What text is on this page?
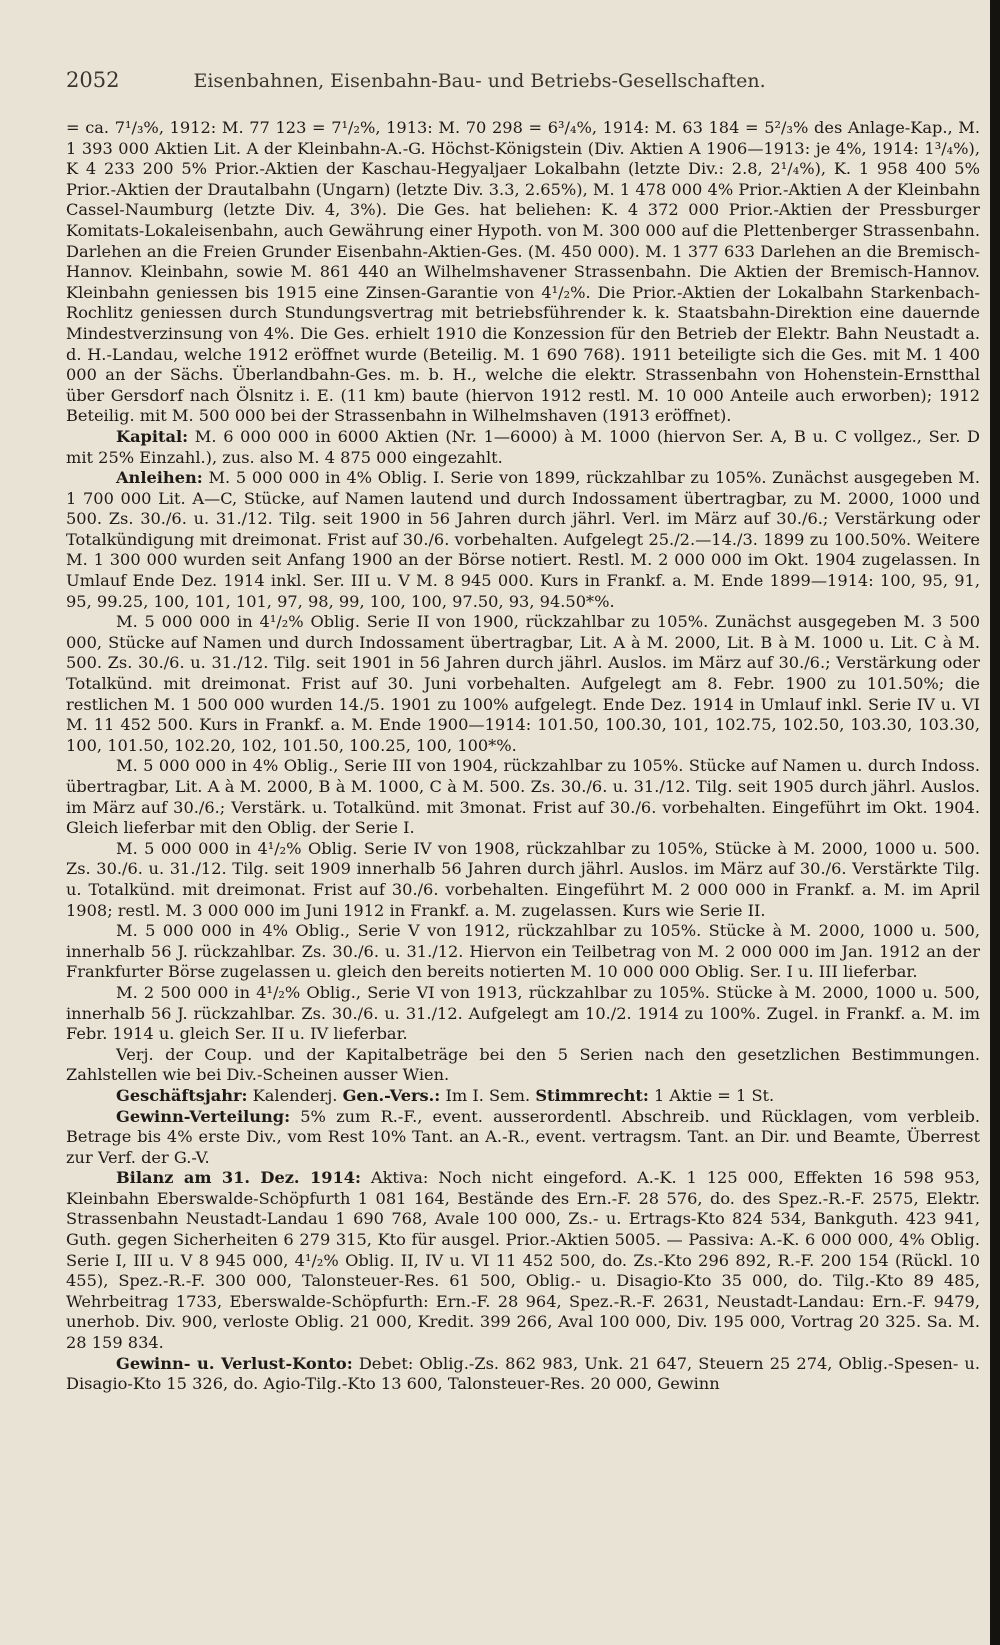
2052	Eisenbahnen, Eisenbahn-Bau- und Betriebs-Gesellschaften.

= ca. 7¹/₃%, 1912: M. 77 123 = 7¹/₂%, 1913: M. 70 298 = 6³/₄%, 1914: M. 63 184 = 5²/₃% des Anlage-Kap., M. 1 393 000 Aktien Lit. A der Kleinbahn-A.-G. Höchst-Königstein (Div. Aktien A 1906—1913: je 4%, 1914: 1³/₄%), K 4 233 200 5% Prior.-Aktien der Kaschau-Hegyaljaer Lokalbahn (letzte Div.: 2.8, 2¹/₄%), K. 1 958 400 5% Prior.-Aktien der Drautalbahn (Ungarn) (letzte Div. 3.3, 2.65%), M. 1 478 000 4% Prior.-Aktien A der Kleinbahn Cassel-Naumburg (letzte Div. 4, 3%). Die Ges. hat beliehen: K. 4 372 000 Prior.-Aktien der Pressburger Komitats-Lokaleisenbahn, auch Gewährung einer Hypoth. von M. 300 000 auf die Plettenberger Strassenbahn. Darlehen an die Freien Grunder Eisenbahn-Aktien-Ges. (M. 450 000). M. 1 377 633 Darlehen an die Bremisch-Hannov. Kleinbahn, sowie M. 861 440 an Wilhelmshavener Strassenbahn. Die Aktien der Bremisch-Hannov. Kleinbahn geniessen bis 1915 eine Zinsen-Garantie von 4¹/₂%. Die Prior.-Aktien der Lokalbahn Starkenbach-Rochlitz geniessen durch Stundungsvertrag mit betriebsführender k. k. Staatsbahn-Direktion eine dauernde Mindestverzinsung von 4%. Die Ges. erhielt 1910 die Konzession für den Betrieb der Elektr. Bahn Neustadt a. d. H.-Landau, welche 1912 eröffnet wurde (Beteilig. M. 1 690 768). 1911 beteiligte sich die Ges. mit M. 1 400 000 an der Sächs. Überlandbahn-Ges. m. b. H., welche die elektr. Strassenbahn von Hohenstein-Ernstthal über Gersdorf nach Ölsnitz i. E. (11 km) baute (hiervon 1912 restl. M. 10 000 Anteile auch erworben); 1912 Beteilig. mit M. 500 000 bei der Strassenbahn in Wilhelmshaven (1913 eröffnet).

Kapital: M. 6 000 000 in 6000 Aktien (Nr. 1—6000) à M. 1000 (hiervon Ser. A, B u. C vollgez., Ser. D mit 25% Einzahl.), zus. also M. 4 875 000 eingezahlt.

Anleihen: M. 5 000 000 in 4% Oblig. I. Serie von 1899, rückzahlbar zu 105%. Zunächst ausgegeben M. 1 700 000 Lit. A—C, Stücke, auf Namen lautend und durch Indossament übertragbar, zu M. 2000, 1000 und 500. Zs. 30./6. u. 31./12. Tilg. seit 1900 in 56 Jahren durch jährl. Verl. im März auf 30./6.; Verstärkung oder Totalkündigung mit dreimonat. Frist auf 30./6. vorbehalten. Aufgelegt 25./2.—14./3. 1899 zu 100.50%. Weitere M. 1 300 000 wurden seit Anfang 1900 an der Börse notiert. Restl. M. 2 000 000 im Okt. 1904 zugelassen. In Umlauf Ende Dez. 1914 inkl. Ser. III u. V M. 8 945 000. Kurs in Frankf. a. M. Ende 1899—1914: 100, 95, 91, 95, 99.25, 100, 101, 101, 97, 98, 99, 100, 100, 97.50, 93, 94.50*%.

M. 5 000 000 in 4¹/₂% Oblig. Serie II von 1900, rückzahlbar zu 105%. Zunächst ausgegeben M. 3 500 000, Stücke auf Namen und durch Indossament übertragbar, Lit. A à M. 2000, Lit. B à M. 1000 u. Lit. C à M. 500. Zs. 30./6. u. 31./12. Tilg. seit 1901 in 56 Jahren durch jährl. Auslos. im März auf 30./6.; Verstärkung oder Totalkünd. mit dreimonat. Frist auf 30. Juni vorbehalten. Aufgelegt am 8. Febr. 1900 zu 101.50%; die restlichen M. 1 500 000 wurden 14./5. 1901 zu 100% aufgelegt. Ende Dez. 1914 in Umlauf inkl. Serie IV u. VI M. 11 452 500. Kurs in Frankf. a. M. Ende 1900—1914: 101.50, 100.30, 101, 102.75, 102.50, 103.30, 103.30, 100, 101.50, 102.20, 102, 101.50, 100.25, 100, 100*%.

M. 5 000 000 in 4% Oblig., Serie III von 1904, rückzahlbar zu 105%. Stücke auf Namen u. durch Indoss. übertragbar, Lit. A à M. 2000, B à M. 1000, C à M. 500. Zs. 30./6. u. 31./12. Tilg. seit 1905 durch jährl. Auslos. im März auf 30./6.; Verstärk. u. Totalkünd. mit 3monat. Frist auf 30./6. vorbehalten. Eingeführt im Okt. 1904. Gleich lieferbar mit den Oblig. der Serie I.

M. 5 000 000 in 4¹/₂% Oblig. Serie IV von 1908, rückzahlbar zu 105%, Stücke à M. 2000, 1000 u. 500. Zs. 30./6. u. 31./12. Tilg. seit 1909 innerhalb 56 Jahren durch jährl. Auslos. im März auf 30./6. Verstärkte Tilg. u. Totalkünd. mit dreimonat. Frist auf 30./6. vorbehalten. Eingeführt M. 2 000 000 in Frankf. a. M. im April 1908; restl. M. 3 000 000 im Juni 1912 in Frankf. a. M. zugelassen. Kurs wie Serie II.

M. 5 000 000 in 4% Oblig., Serie V von 1912, rückzahlbar zu 105%. Stücke à M. 2000, 1000 u. 500, innerhalb 56 J. rückzahlbar. Zs. 30./6. u. 31./12. Hiervon ein Teilbetrag von M. 2 000 000 im Jan. 1912 an der Frankfurter Börse zugelassen u. gleich den bereits notierten M. 10 000 000 Oblig. Ser. I u. III lieferbar.

M. 2 500 000 in 4¹/₂% Oblig., Serie VI von 1913, rückzahlbar zu 105%. Stücke à M. 2000, 1000 u. 500, innerhalb 56 J. rückzahlbar. Zs. 30./6. u. 31./12. Aufgelegt am 10./2. 1914 zu 100%. Zugel. in Frankf. a. M. im Febr. 1914 u. gleich Ser. II u. IV lieferbar.

Verj. der Coup. und der Kapitalbeträge bei den 5 Serien nach den gesetzlichen Bestimmungen. Zahlstellen wie bei Div.-Scheinen ausser Wien.

Geschäftsjahr: Kalenderj. Gen.-Vers.: Im I. Sem. Stimmrecht: 1 Aktie = 1 St.

Gewinn-Verteilung: 5% zum R.-F., event. ausserordentl. Abschreib. und Rücklagen, vom verbleib. Betrage bis 4% erste Div., vom Rest 10% Tant. an A.-R., event. vertragsm. Tant. an Dir. und Beamte, Überrest zur Verf. der G.-V.

Bilanz am 31. Dez. 1914: Aktiva: Noch nicht eingeford. A.-K. 1 125 000, Effekten 16 598 953, Kleinbahn Eberswalde-Schöpfurth 1 081 164, Bestände des Ern.-F. 28 576, do. des Spez.-R.-F. 2575, Elektr. Strassenbahn Neustadt-Landau 1 690 768, Avale 100 000, Zs.- u. Ertrags-Kto 824 534, Bankguth. 423 941, Guth. gegen Sicherheiten 6 279 315, Kto für ausgel. Prior.-Aktien 5005. — Passiva: A.-K. 6 000 000, 4% Oblig. Serie I, III u. V 8 945 000, 4¹/₂% Oblig. II, IV u. VI 11 452 500, do. Zs.-Kto 296 892, R.-F. 200 154 (Rückl. 10 455), Spez.-R.-F. 300 000, Talonsteuer-Res. 61 500, Oblig.- u. Disagio-Kto 35 000, do. Tilg.-Kto 89 485, Wehrbeitrag 1733, Eberswalde-Schöpfurth: Ern.-F. 28 964, Spez.-R.-F. 2631, Neustadt-Landau: Ern.-F. 9479, unerhob. Div. 900, verloste Oblig. 21 000, Kredit. 399 266, Aval 100 000, Div. 195 000, Vortrag 20 325. Sa. M. 28 159 834.

Gewinn- u. Verlust-Konto: Debet: Oblig.-Zs. 862 983, Unk. 21 647, Steuern 25 274, Oblig.-Spesen- u. Disagio-Kto 15 326, do. Agio-Tilg.-Kto 13 600, Talonsteuer-Res. 20 000, Gewinn
